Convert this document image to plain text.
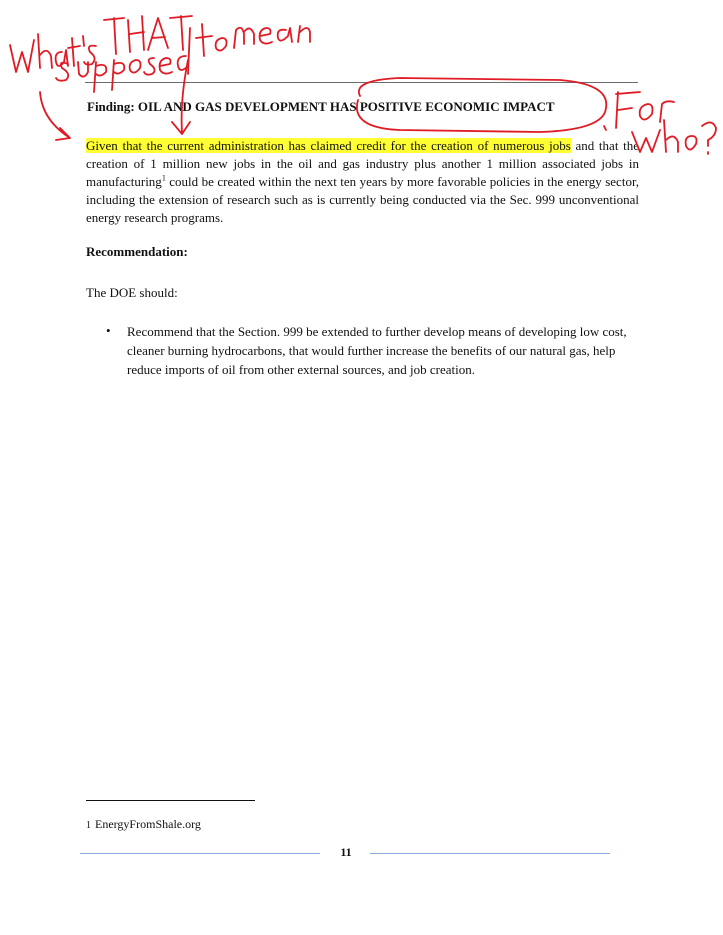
Finding: OIL AND GAS DEVELOPMENT HAS POSITIVE ECONOMIC IMPACT
Given that the current administration has claimed credit for the creation of numerous jobs and that the creation of 1 million new jobs in the oil and gas industry plus another 1 million associated jobs in manufacturing$^1$ could be created within the next ten years by more favorable policies in the energy sector, including the extension of research such as is currently being conducted via the Sec. 999 unconventional energy research programs.
Recommendation:
The DOE should:
• Recommend that the Section. 999 be extended to further develop means of developing low cost, cleaner burning hydrocarbons, that would further increase the benefits of our natural gas, help reduce imports of oil from other external sources, and job creation.
1 EnergyFromShale.org
11
